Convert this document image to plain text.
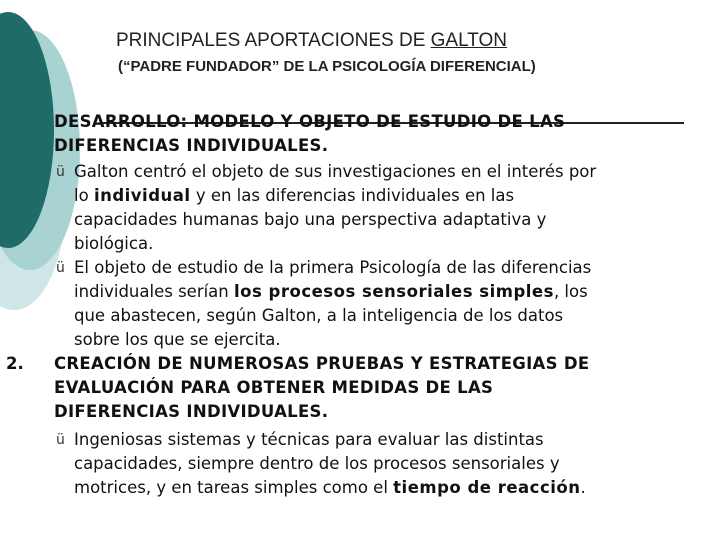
PRINCIPALES APORTACIONES DE GALTON
(“PADRE FUNDADOR” DE LA PSICOLOGÍA DIFERENCIAL)
DESARROLLO: MODELO Y OBJETO DE ESTUDIO DE LAS
DIFERENCIAS INDIVIDUALES.
ü Galton centró el objeto de sus investigaciones en el interés por
lo individual y en las diferencias individuales en las
capacidades humanas bajo una perspectiva adaptativa y
biológica.
ü El objeto de estudio de la primera Psicología de las diferencias
individuales serían los procesos sensoriales simples, los
que abastecen, según Galton, a la inteligencia de los datos
sobre los que se ejercita.
2. CREACIÓN DE NUMEROSAS PRUEBAS Y ESTRATEGIAS DE
EVALUACIÓN PARA OBTENER MEDIDAS DE LAS
DIFERENCIAS INDIVIDUALES.
ü Ingeniosas sistemas y técnicas para evaluar las distintas
capacidades, siempre dentro de los procesos sensoriales y
motrices, y en tareas simples como el tiempo de reacción.
